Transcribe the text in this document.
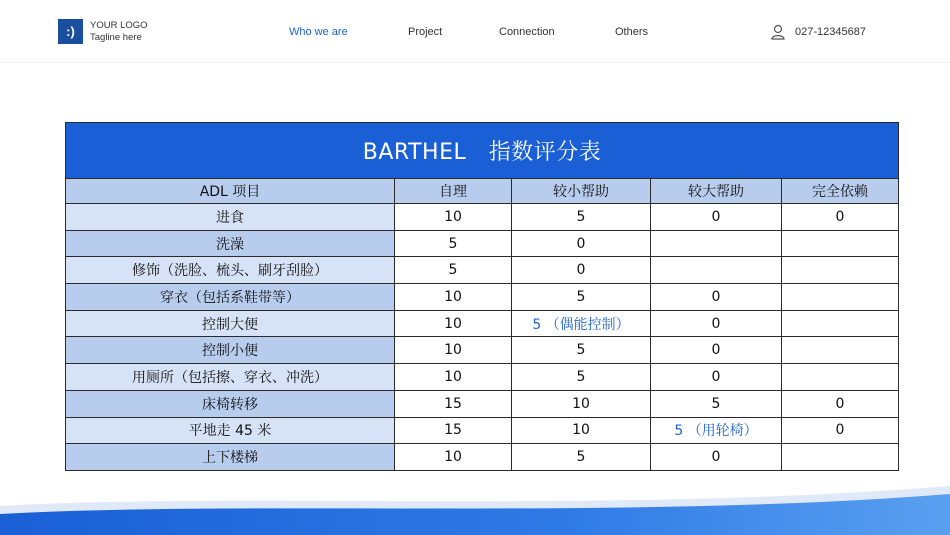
:)	YOUR LOGO
Tagline here	Who we are	Project	Connection	Others	027-12345687
BARTHEL　指数评分表				
ADL 项目	自理	较小帮助	较大帮助	完全依赖
进食	10	5	0	0
洗澡	5	0		
修饰（洗脸、梳头、刷牙刮脸）	5	0		
穿衣（包括系鞋带等）	10	5	0	
控制大便	10	5 （偶能控制）	0	
控制小便	10	5	0	
用厕所（包括擦、穿衣、冲洗）	10	5	0	
床椅转移	15	10	5	0
平地走 45 米	15	10	5 （用轮椅）	0
上下楼梯	10	5	0	
